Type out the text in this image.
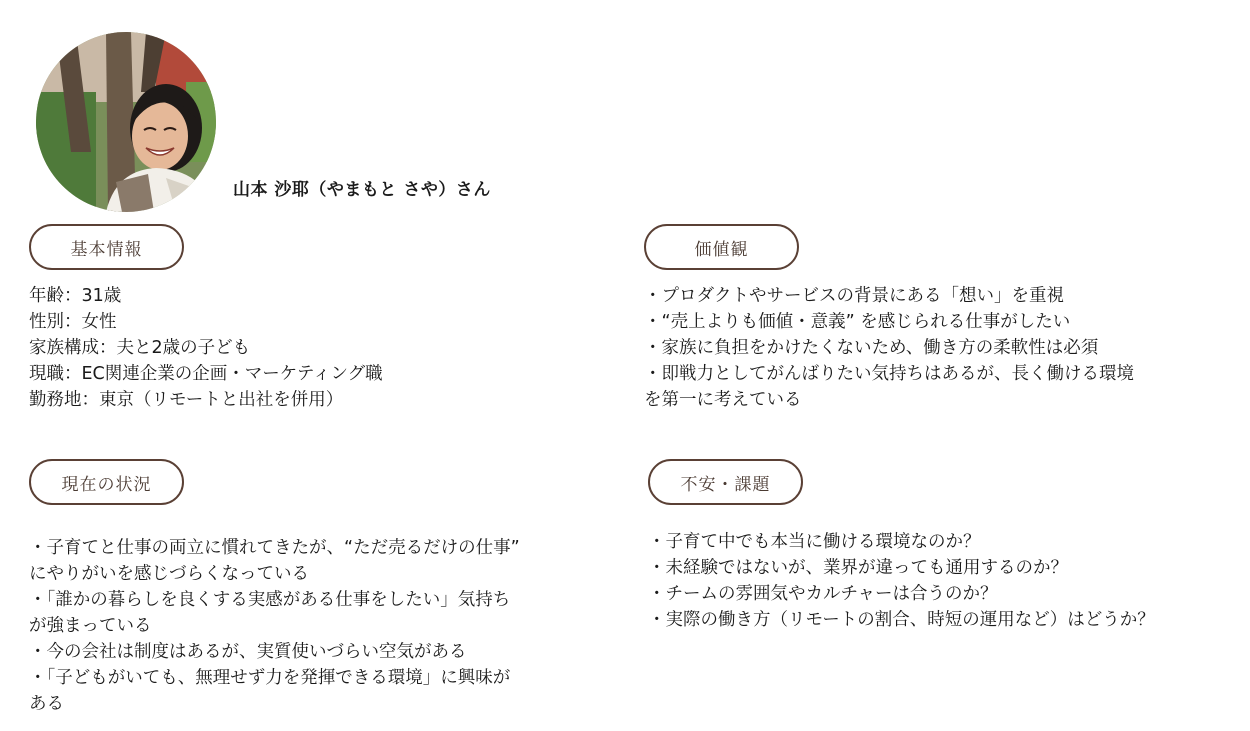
山本 沙耶（やまもと さや）さん
基本情報
年齢：31歳
性別：女性
家族構成：夫と2歳の子ども
現職：EC関連企業の企画・マーケティング職
勤務地：東京（リモートと出社を併用）
価値観
・プロダクトやサービスの背景にある「想い」を重視
・“売上よりも価値・意義” を感じられる仕事がしたい
・家族に負担をかけたくないため、働き方の柔軟性は必須
・即戦力としてがんばりたい気持ちはあるが、長く働ける環境
を第一に考えている
現在の状況
・子育てと仕事の両立に慣れてきたが、“ただ売るだけの仕事”
にやりがいを感じづらくなっている
・「誰かの暮らしを良くする実感がある仕事をしたい」気持ち
が強まっている
・今の会社は制度はあるが、実質使いづらい空気がある
・「子どもがいても、無理せず力を発揮できる環境」に興味が
ある
不安・課題
・子育て中でも本当に働ける環境なのか？
・未経験ではないが、業界が違っても通用するのか？
・チームの雰囲気やカルチャーは合うのか？
・実際の働き方（リモートの割合、時短の運用など）はどうか？
